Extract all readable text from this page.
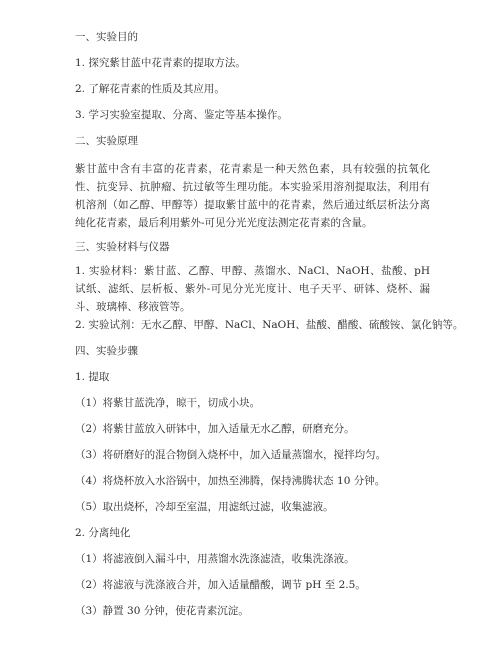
一、实验目的
1. 探究紫甘蓝中花青素的提取方法。
2. 了解花青素的性质及其应用。
3. 学习实验室提取、分离、鉴定等基本操作。
二、实验原理
紫甘蓝中含有丰富的花青素，花青素是一种天然色素，具有较强的抗氧化性、抗变异、抗肿瘤、抗过敏等生理功能。本实验采用溶剂提取法，利用有机溶剂（如乙醇、甲醇等）提取紫甘蓝中的花青素，然后通过纸层析法分离纯化花青素，最后利用紫外-可见分光光度法测定花青素的含量。
三、实验材料与仪器
1. 实验材料：紫甘蓝、乙醇、甲醇、蒸馏水、NaCl、NaOH、盐酸、pH 试纸、滤纸、层析板、紫外-可见分光光度计、电子天平、研钵、烧杯、漏斗、玻璃棒、移液管等。
2. 实验试剂：无水乙醇、甲醇、NaCl、NaOH、盐酸、醋酸、硫酸铵、氯化钠等。
四、实验步骤
1. 提取
（1）将紫甘蓝洗净，晾干，切成小块。
（2）将紫甘蓝放入研钵中，加入适量无水乙醇，研磨充分。
（3）将研磨好的混合物倒入烧杯中，加入适量蒸馏水，搅拌均匀。
（4）将烧杯放入水浴锅中，加热至沸腾，保持沸腾状态 10 分钟。
（5）取出烧杯，冷却至室温，用滤纸过滤，收集滤液。
2. 分离纯化
（1）将滤液倒入漏斗中，用蒸馏水洗涤滤渣，收集洗涤液。
（2）将滤液与洗涤液合并，加入适量醋酸，调节 pH 至 2.5。
（3）静置 30 分钟，使花青素沉淀。
